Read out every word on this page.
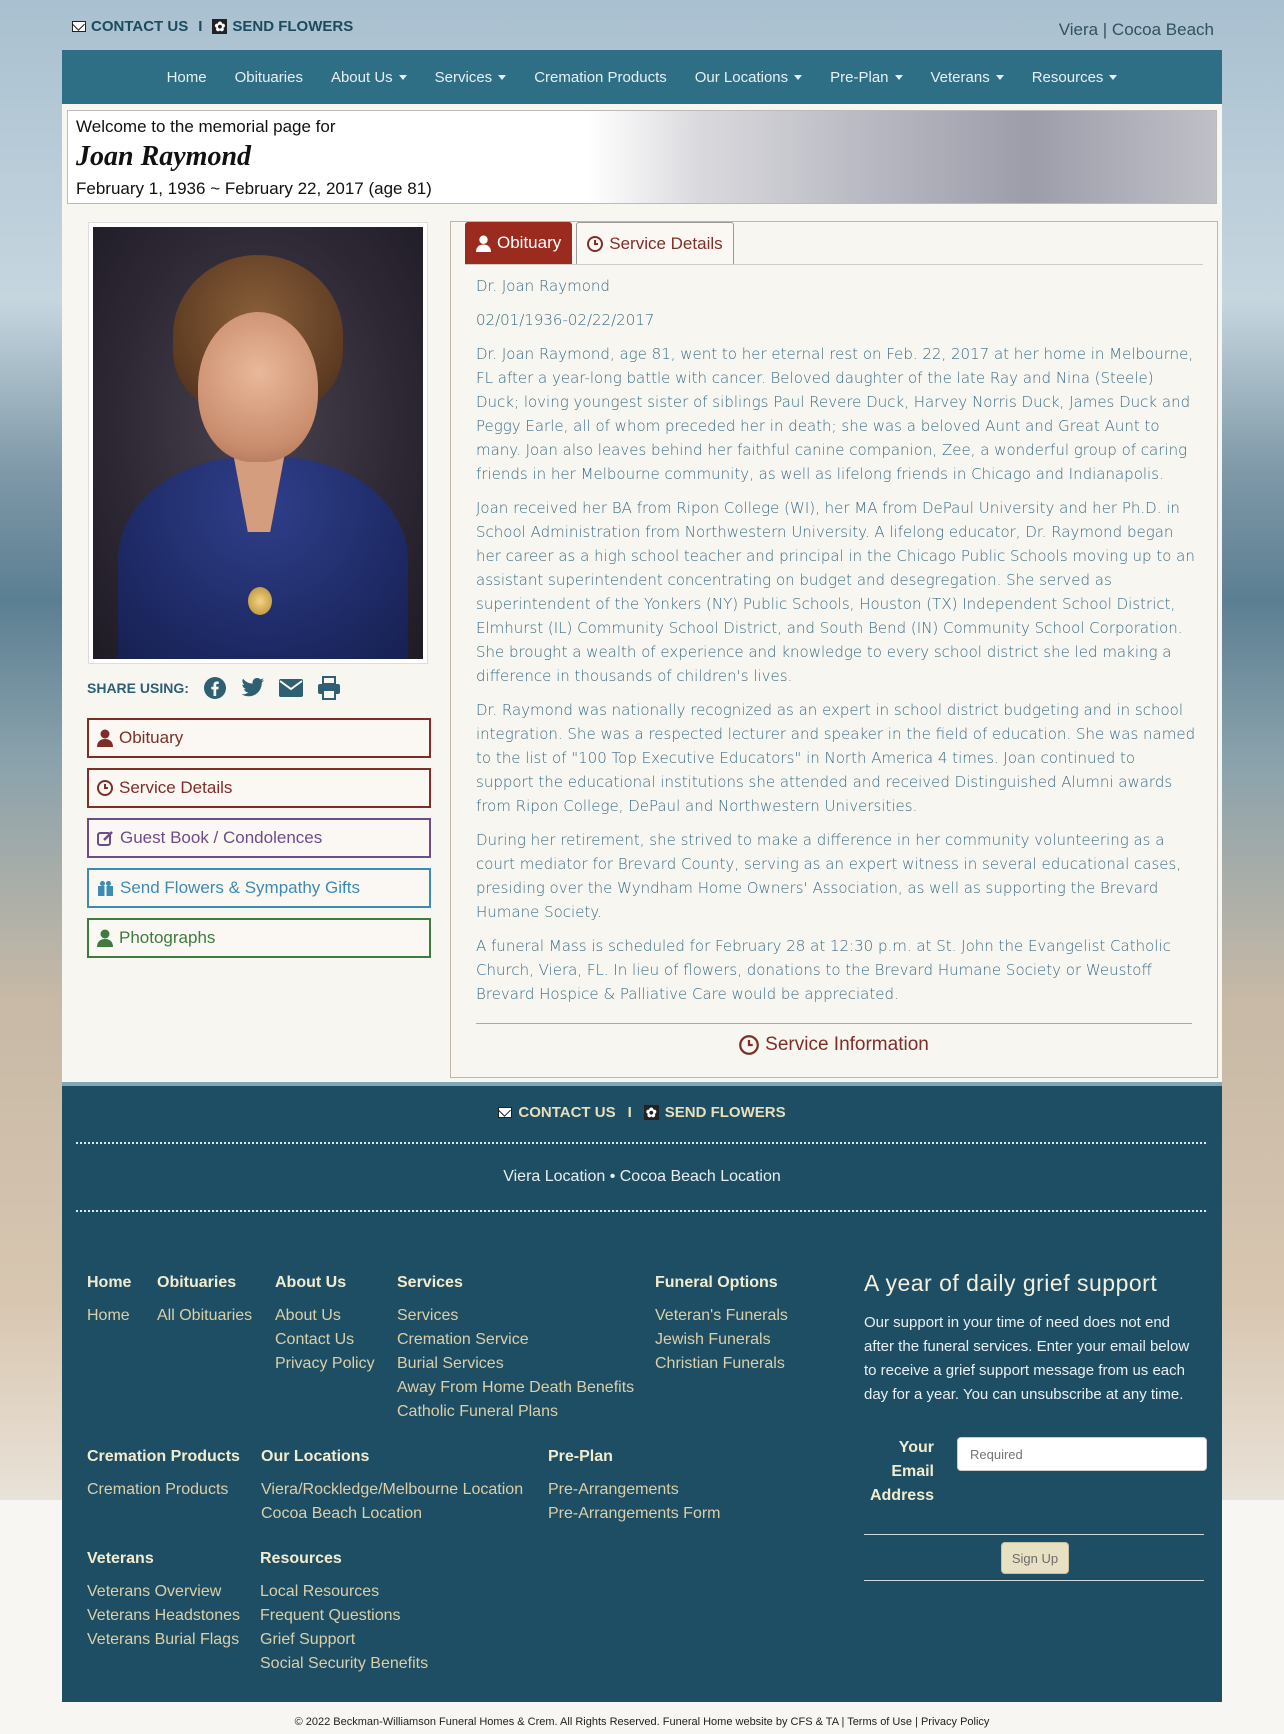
CONTACT US I ✿ SEND FLOWERS	Viera | Cocoa Beach
Home Obituaries About Us	Services	Cremation Products Our Locations	Pre-Plan	Veterans	Resources
Welcome to the memorial page for
Joan Raymond
February 1, 1936 ~ February 22, 2017 (age 81)
SHARE USING:
Obituary
Service Details
Guest Book / Condolences
Send Flowers & Sympathy Gifts
Photographs
Obituary	Service Details

Dr. Joan Raymond

02/01/1936-02/22/2017

Dr. Joan Raymond, age 81, went to her eternal rest on Feb. 22, 2017 at her home in Melbourne, FL after a year-long battle with cancer. Beloved daughter of the late Ray and Nina (Steele) Duck; loving youngest sister of siblings Paul Revere Duck, Harvey Norris Duck, James Duck and Peggy Earle, all of whom preceded her in death; she was a beloved Aunt and Great Aunt to many. Joan also leaves behind her faithful canine companion, Zee, a wonderful group of caring friends in her Melbourne community, as well as lifelong friends in Chicago and Indianapolis.

Joan received her BA from Ripon College (WI), her MA from DePaul University and her Ph.D. in School Administration from Northwestern University. A lifelong educator, Dr. Raymond began her career as a high school teacher and principal in the Chicago Public Schools moving up to an assistant superintendent concentrating on budget and desegregation. She served as superintendent of the Yonkers (NY) Public Schools, Houston (TX) Independent School District, Elmhurst (IL) Community School District, and South Bend (IN) Community School Corporation. She brought a wealth of experience and knowledge to every school district she led making a difference in thousands of children's lives.

Dr. Raymond was nationally recognized as an expert in school district budgeting and in school integration. She was a respected lecturer and speaker in the field of education. She was named to the list of "100 Top Executive Educators" in North America 4 times. Joan continued to support the educational institutions she attended and received Distinguished Alumni awards from Ripon College, DePaul and Northwestern Universities.

During her retirement, she strived to make a difference in her community volunteering as a court mediator for Brevard County, serving as an expert witness in several educational cases, presiding over the Wyndham Home Owners' Association, as well as supporting the Brevard Humane Society.

A funeral Mass is scheduled for February 28 at 12:30 p.m. at St. John the Evangelist Catholic Church, Viera, FL. In lieu of flowers, donations to the Brevard Humane Society or Weustoff Brevard Hospice & Palliative Care would be appreciated.

Service Information
CONTACT US I ✿ SEND FLOWERS
Viera Location • Cocoa Beach Location
Home
Home
Obituaries
All Obituaries
About Us
About Us
Contact Us
Privacy Policy
Services
Services
Cremation Service
Burial Services
Away From Home Death Benefits
Catholic Funeral Plans
Funeral Options
Veteran's Funerals
Jewish Funerals
Christian Funerals
Cremation Products
Cremation Products
Our Locations
Viera/Rockledge/Melbourne Location
Cocoa Beach Location
Pre-Plan
Pre-Arrangements
Pre-Arrangements Form
Veterans
Veterans Overview
Veterans Headstones
Veterans Burial Flags
Resources
Local Resources
Frequent Questions
Grief Support
Social Security Benefits
A year of daily grief support
Our support in your time of need does not end after the funeral services. Enter your email below to receive a grief support message from us each day for a year. You can unsubscribe at any time.
Your Email Address
Required
Sign Up
© 2022 Beckman-Williamson Funeral Homes & Crem. All Rights Reserved. Funeral Home website by CFS & TA | Terms of Use | Privacy Policy
